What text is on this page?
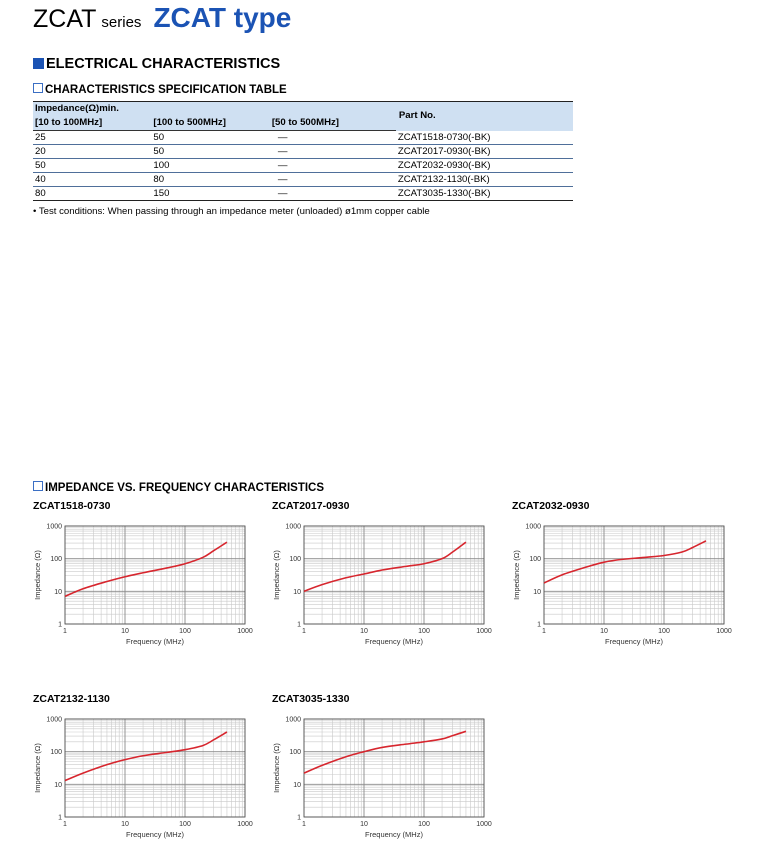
ZCAT series ZCAT type
ELECTRICAL CHARACTERISTICS
CHARACTERISTICS SPECIFICATION TABLE
Impedance(Ω)min.			Part No.
[10 to 100MHz]	[100 to 500MHz]	[50 to 500MHz]	
25	50	—	ZCAT1518-0730(-BK)
20	50	—	ZCAT2017-0930(-BK)
50	100	—	ZCAT2032-0930(-BK)
40	80	—	ZCAT2132-1130(-BK)
80	150	—	ZCAT3035-1330(-BK)
• Test conditions: When passing through an impedance meter (unloaded) ø1mm copper cable
IMPEDANCE VS. FREQUENCY CHARACTERISTICS
ZCAT1518-0730
1	10	100	1000
1
10
100
1000
Frequency (MHz)
Impedance (Ω)
ZCAT2017-0930
1	10	100	1000
1
10
100
1000
Frequency (MHz)
Impedance (Ω)
ZCAT2032-0930
1	10	100	1000
1
10
100
1000
Frequency (MHz)
Impedance (Ω)
ZCAT2132-1130
1	10	100	1000
1
10
100
1000
Frequency (MHz)
Impedance (Ω)
ZCAT3035-1330
1	10	100	1000
1
10
100
1000
Frequency (MHz)
Impedance (Ω)
